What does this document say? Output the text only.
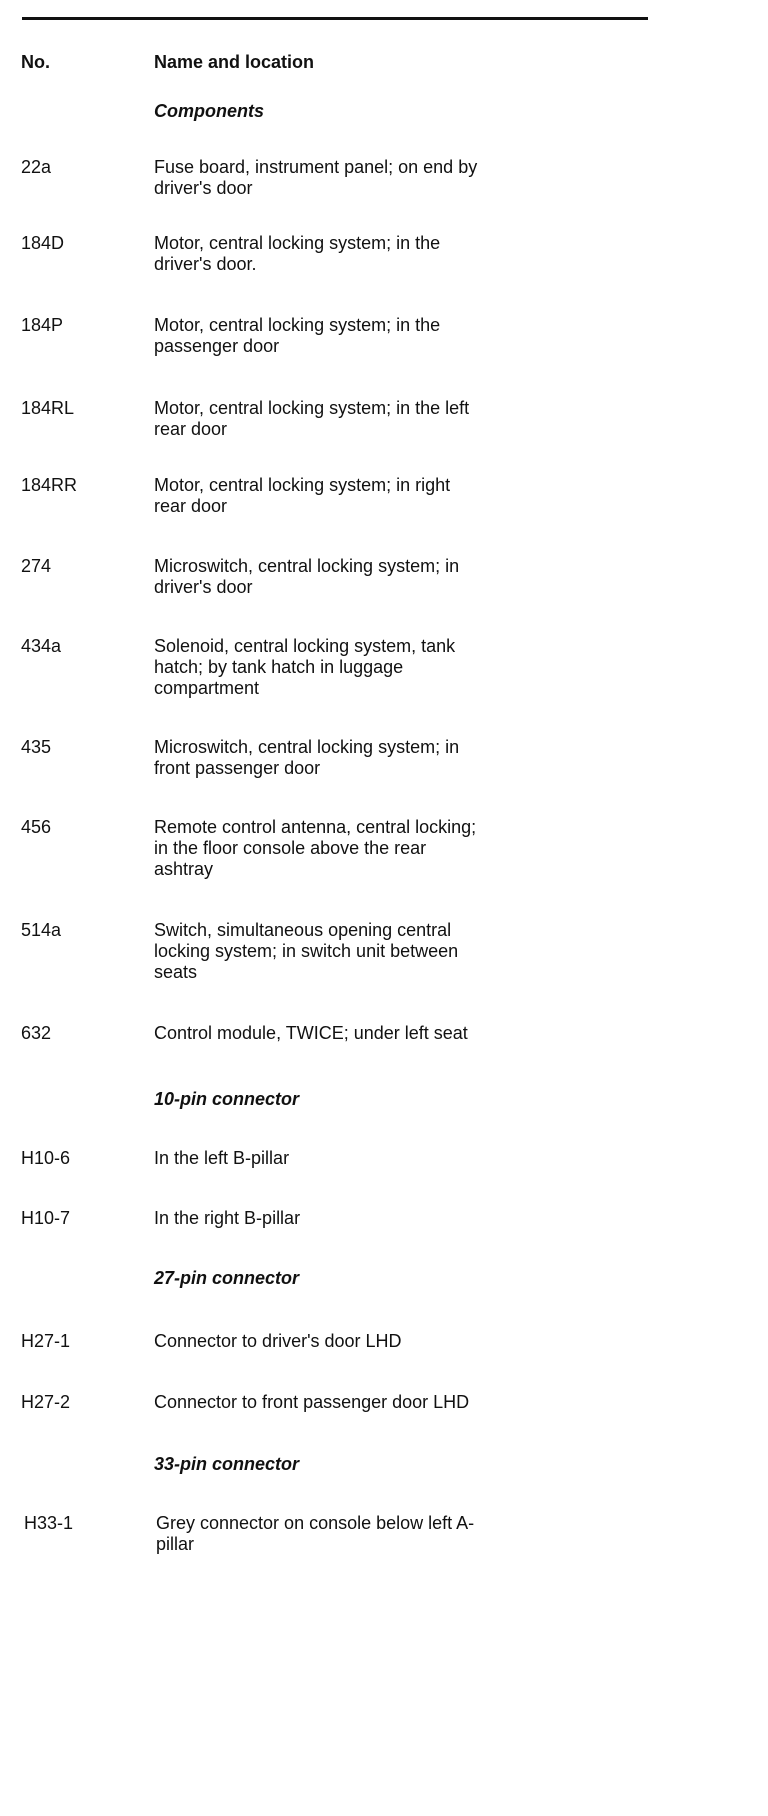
No.	Name and location
Components
22a	Fuse board, instrument panel; on end by
driver's door
184D	Motor, central locking system; in the
driver's door.
184P	Motor, central locking system; in the
passenger door
184RL	Motor, central locking system; in the left
rear door
184RR	Motor, central locking system; in right
rear door
274	Microswitch, central locking system; in
driver's door
434a	Solenoid, central locking system, tank
hatch; by tank hatch in luggage
compartment
435	Microswitch, central locking system; in
front passenger door
456	Remote control antenna, central locking;
in the floor console above the rear
ashtray
514a	Switch, simultaneous opening central
locking system; in switch unit between
seats
632	Control module, TWICE; under left seat
10-pin connector
H10-6	In the left B-pillar
H10-7	In the right B-pillar
27-pin connector
H27-1	Connector to driver's door LHD
H27-2	Connector to front passenger door LHD
33-pin connector
H33-1	Grey connector on console below left A-
pillar
